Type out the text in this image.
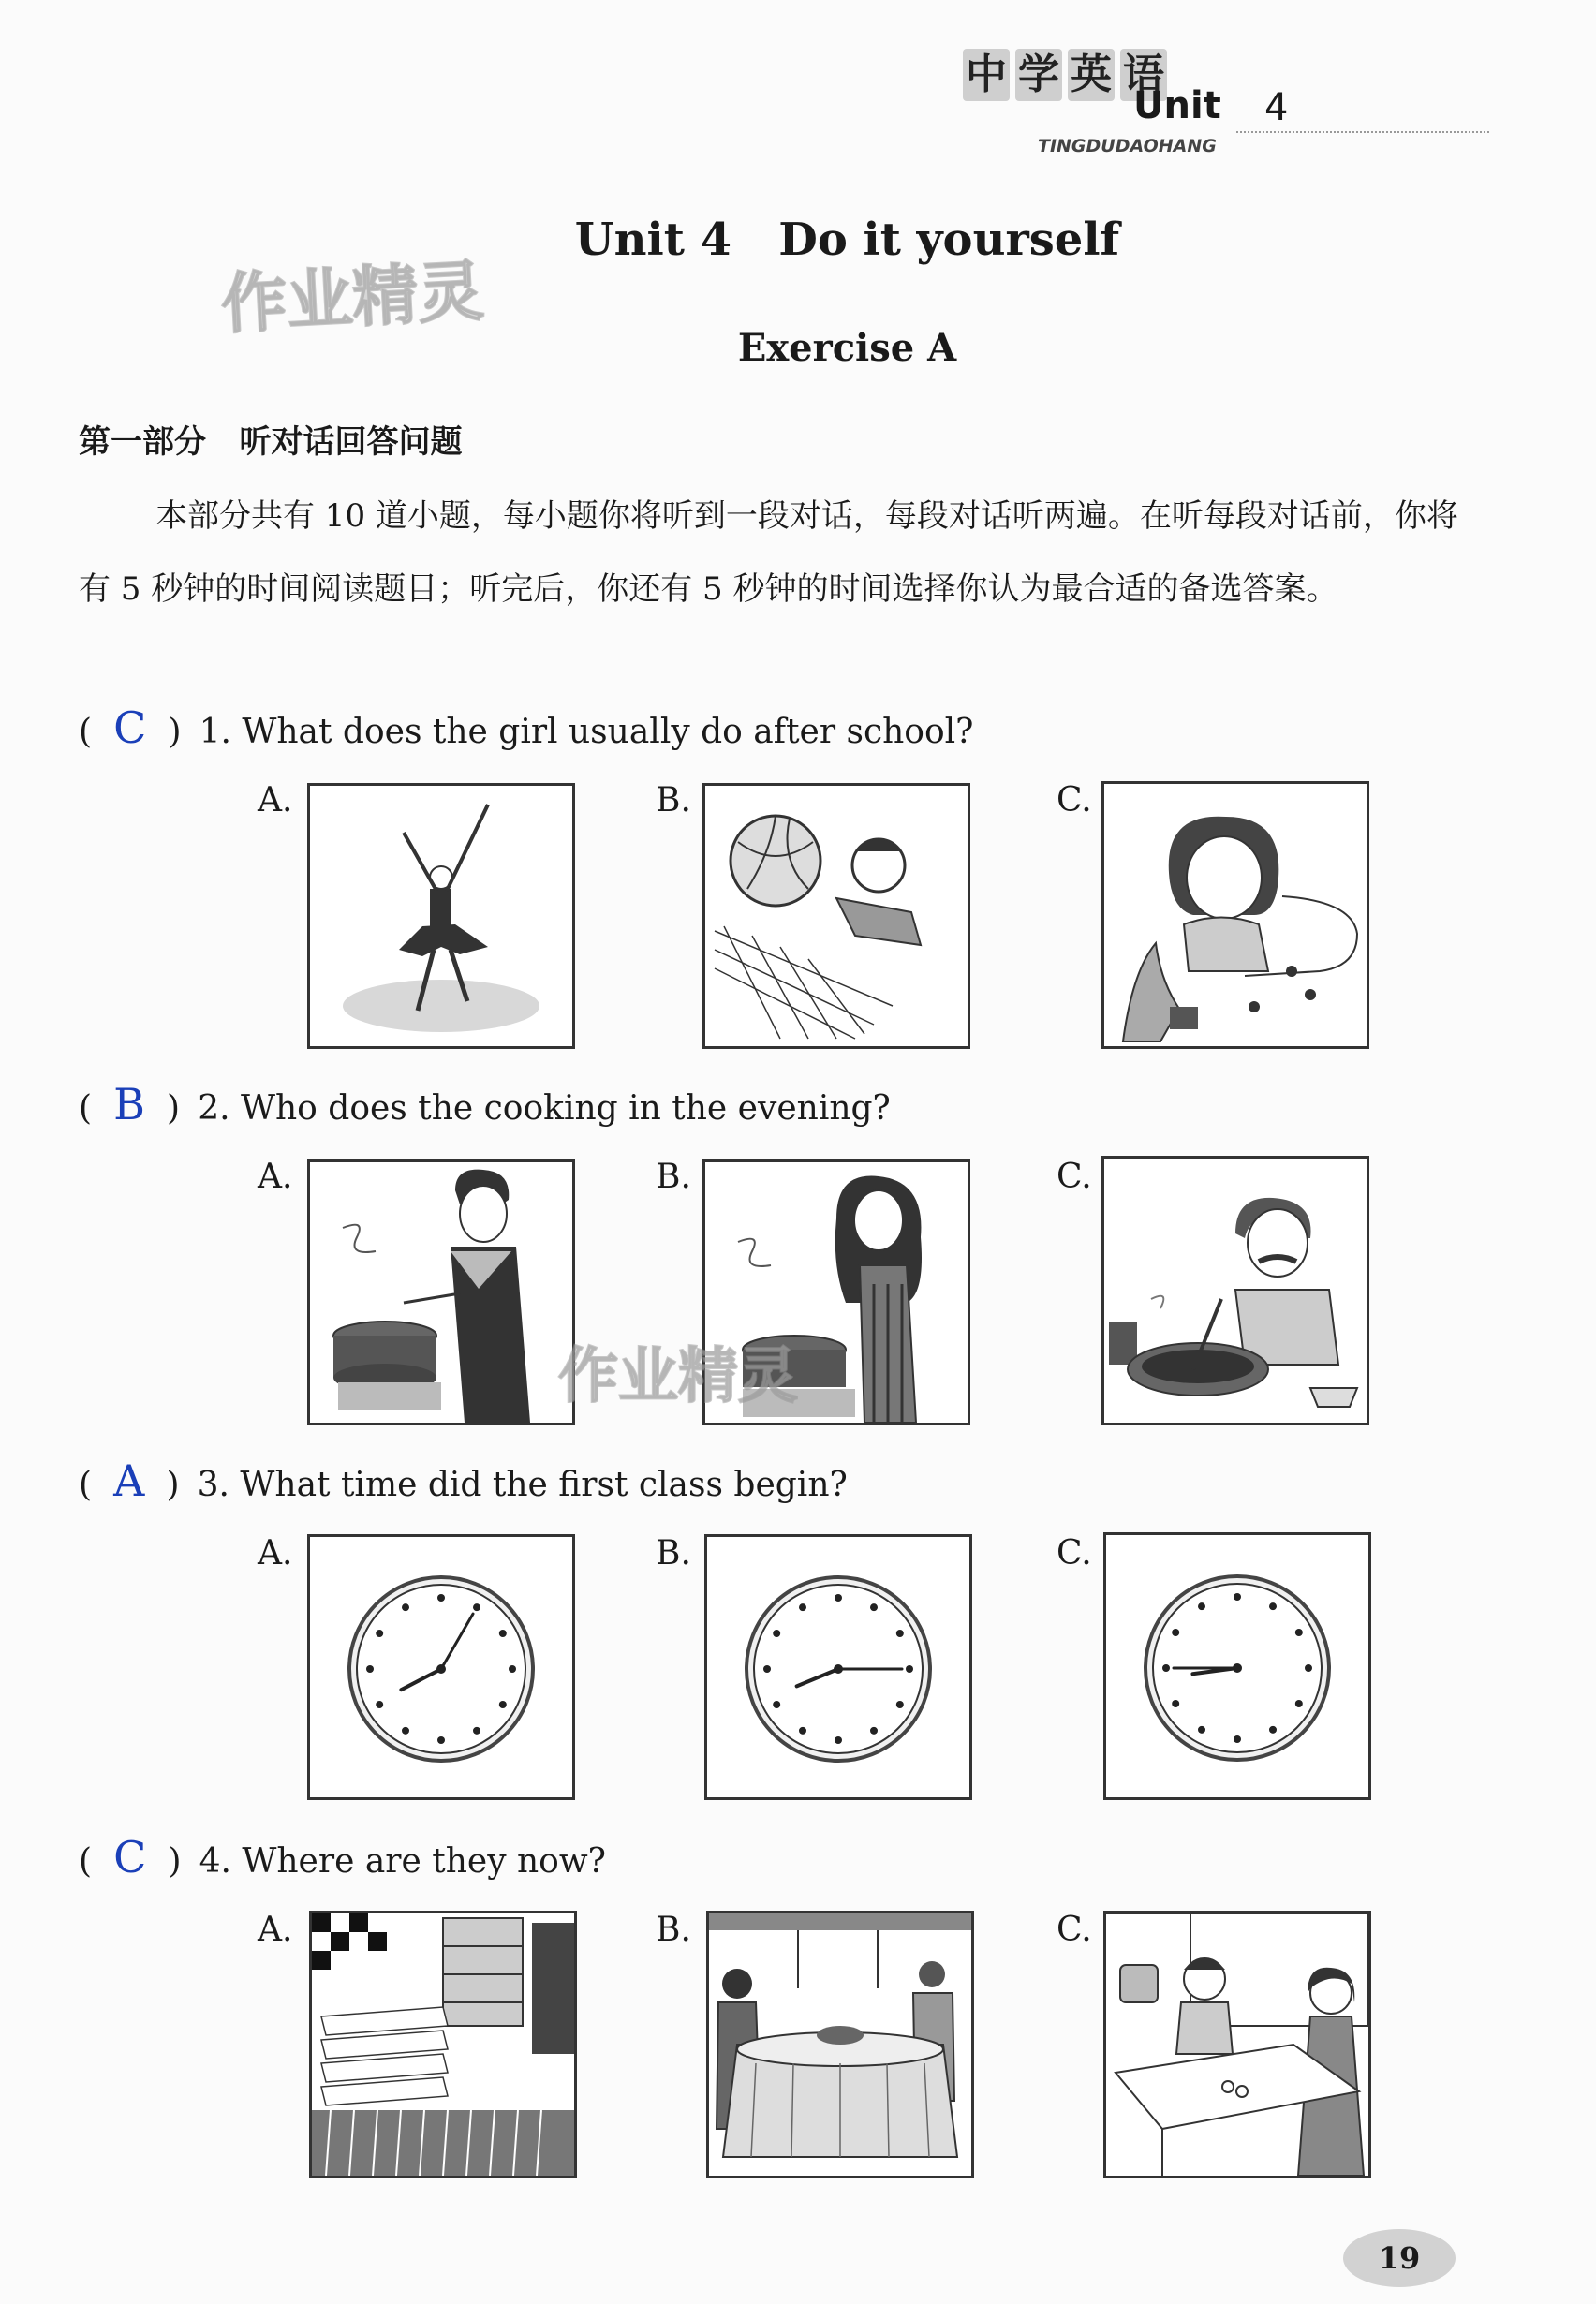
中 学 英 语
Unit 4
TINGDUDAOHANG
作业精灵
Unit 4   Do it yourself
Exercise A
第一部分   听对话回答问题
本部分共有 10 道小题，每小题你将听到一段对话，每段对话听两遍。在听每段对话前，你将有 5 秒钟的时间阅读题目；听完后，你还有 5 秒钟的时间选择你认为最合适的备选答案。
( C ) 1. What does the girl usually do after school?
A.	B.	C.
( B ) 2. Who does the cooking in the evening?
A.	B.	C.
作业精灵
( A ) 3. What time did the first class begin?
A.	B.	C.
( C ) 4. Where are they now?
A.	B.	C.
19
